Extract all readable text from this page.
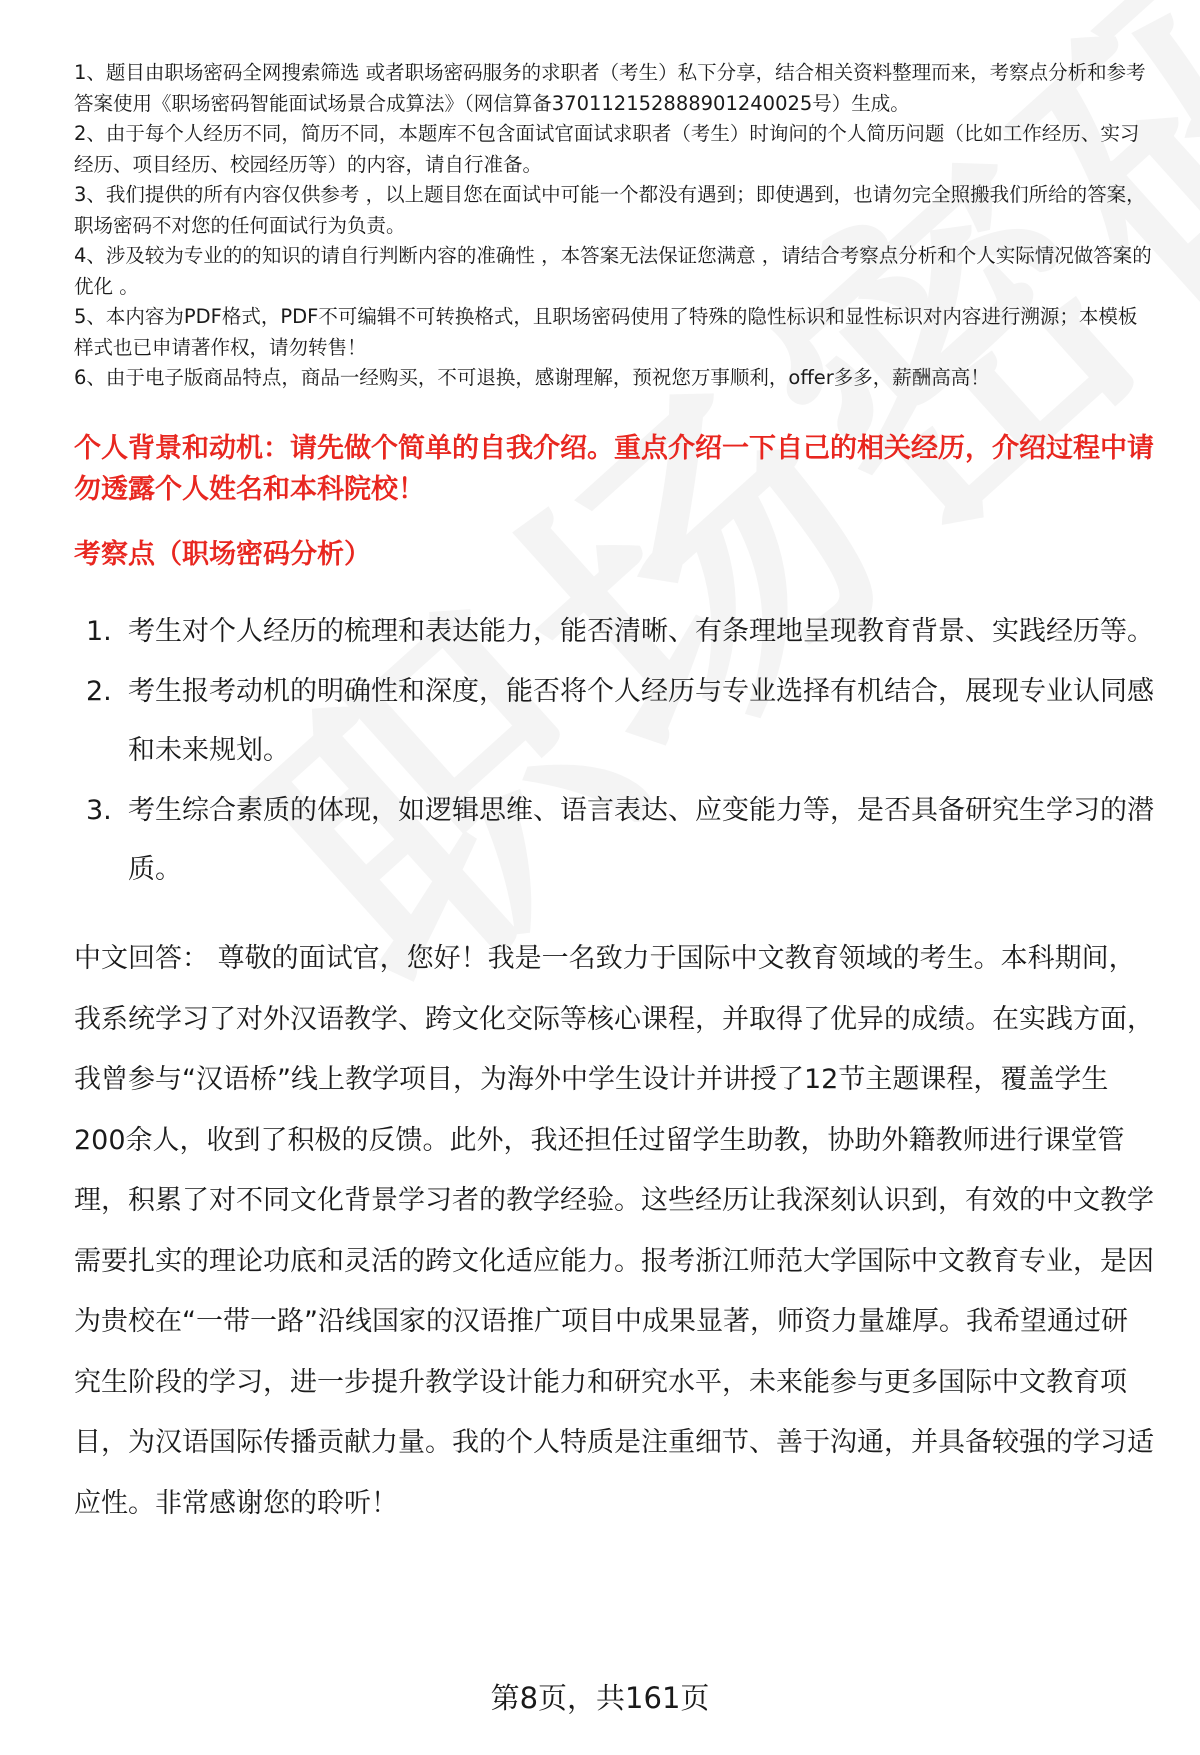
1、题目由职场密码全网搜索筛选 或者职场密码服务的求职者（考生）私下分享，结合相关资料整理而来，考察点分析和参考答案使用《职场密码智能面试场景合成算法》（网信算备370112152888901240025号）生成。

2、由于每个人经历不同，简历不同，本题库不包含面试官面试求职者（考生）时询问的个人简历问题（比如工作经历、实习经历、项目经历、校园经历等）的内容，请自行准备。

3、我们提供的所有内容仅供参考 ，以上题目您在面试中可能一个都没有遇到；即使遇到，也请勿完全照搬我们所给的答案，职场密码不对您的任何面试行为负责。

4、涉及较为专业的的知识的请自行判断内容的准确性 ，本答案无法保证您满意 ，请结合考察点分析和个人实际情况做答案的优化 。

5、本内容为PDF格式，PDF不可编辑不可转换格式，且职场密码使用了特殊的隐性标识和显性标识对内容进行溯源；本模板样式也已申请著作权，请勿转售！

6、由于电子版商品特点，商品一经购买，不可退换，感谢理解，预祝您万事顺利，offer多多，薪酬高高！

个人背景和动机：请先做个简单的自我介绍。重点介绍一下自己的相关经历，介绍过程中请勿透露个人姓名和本科院校！
考察点（职场密码分析）
1. 考生对个人经历的梳理和表达能力，能否清晰、有条理地呈现教育背景、实践经历等。
2. 考生报考动机的明确性和深度，能否将个人经历与专业选择有机结合，展现专业认同感和未来规划。
3. 考生综合素质的体现，如逻辑思维、语言表达、应变能力等，是否具备研究生学习的潜质。
中文回答： 尊敬的面试官，您好！我是一名致力于国际中文教育领域的考生。本科期间，我系统学习了对外汉语教学、跨文化交际等核心课程，并取得了优异的成绩。在实践方面，我曾参与“汉语桥”线上教学项目，为海外中学生设计并讲授了12节主题课程，覆盖学生200余人，收到了积极的反馈。此外，我还担任过留学生助教，协助外籍教师进行课堂管理，积累了对不同文化背景学习者的教学经验。这些经历让我深刻认识到，有效的中文教学需要扎实的理论功底和灵活的跨文化适应能力。报考浙江师范大学国际中文教育专业，是因为贵校在“一带一路”沿线国家的汉语推广项目中成果显著，师资力量雄厚。我希望通过研究生阶段的学习，进一步提升教学设计能力和研究水平，未来能参与更多国际中文教育项目，为汉语国际传播贡献力量。我的个人特质是注重细节、善于沟通，并具备较强的学习适应性。非常感谢您的聆听！
第8页，共161页
